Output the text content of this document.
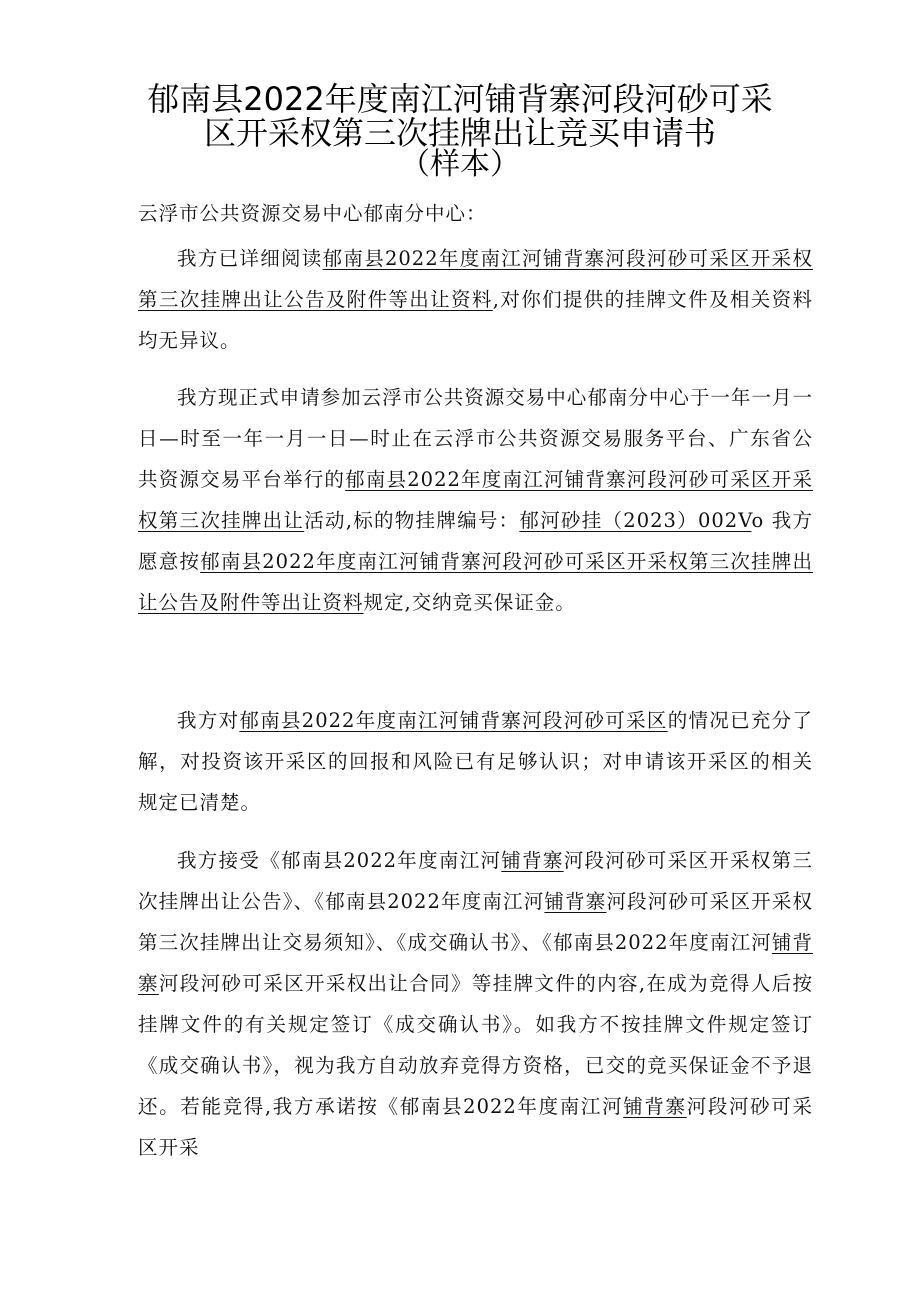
郁南县2022年度南江河铺背寨河段河砂可采
区开采权第三次挂牌出让竞买申请书
（样本）
云浮市公共资源交易中心郁南分中心：
我方已详细阅读郁南县2022年度南江河铺背寨河段河砂可采区开采权第三次挂牌出让公告及附件等出让资料,对你们提供的挂牌文件及相关资料均无异议。
我方现正式申请参加云浮市公共资源交易中心郁南分中心于一年一月一日—时至一年一月一日—时止在云浮市公共资源交易服务平台、广东省公共资源交易平台举行的郁南县2022年度南江河铺背寨河段河砂可采区开采权第三次挂牌出让活动,标的物挂牌编号：郁河砂挂（2023）002Vo 我方愿意按郁南县2022年度南江河铺背寨河段河砂可采区开采权第三次挂牌出让公告及附件等出让资料规定,交纳竞买保证金。
我方对郁南县2022年度南江河铺背寨河段河砂可采区的情况已充分了解，对投资该开采区的回报和风险已有足够认识；对申请该开采区的相关规定已清楚。
我方接受《郁南县2022年度南江河铺背寨河段河砂可采区开采权第三次挂牌出让公告》、《郁南县2022年度南江河铺背寨河段河砂可采区开采权第三次挂牌出让交易须知》、《成交确认书》、《郁南县2022年度南江河铺背寨河段河砂可采区开采权出让合同》等挂牌文件的内容,在成为竞得人后按挂牌文件的有关规定签订《成交确认书》。如我方不按挂牌文件规定签订《成交确认书》，视为我方自动放弃竞得方资格，已交的竞买保证金不予退还。若能竞得,我方承诺按《郁南县2022年度南江河铺背寨河段河砂可采区开采
